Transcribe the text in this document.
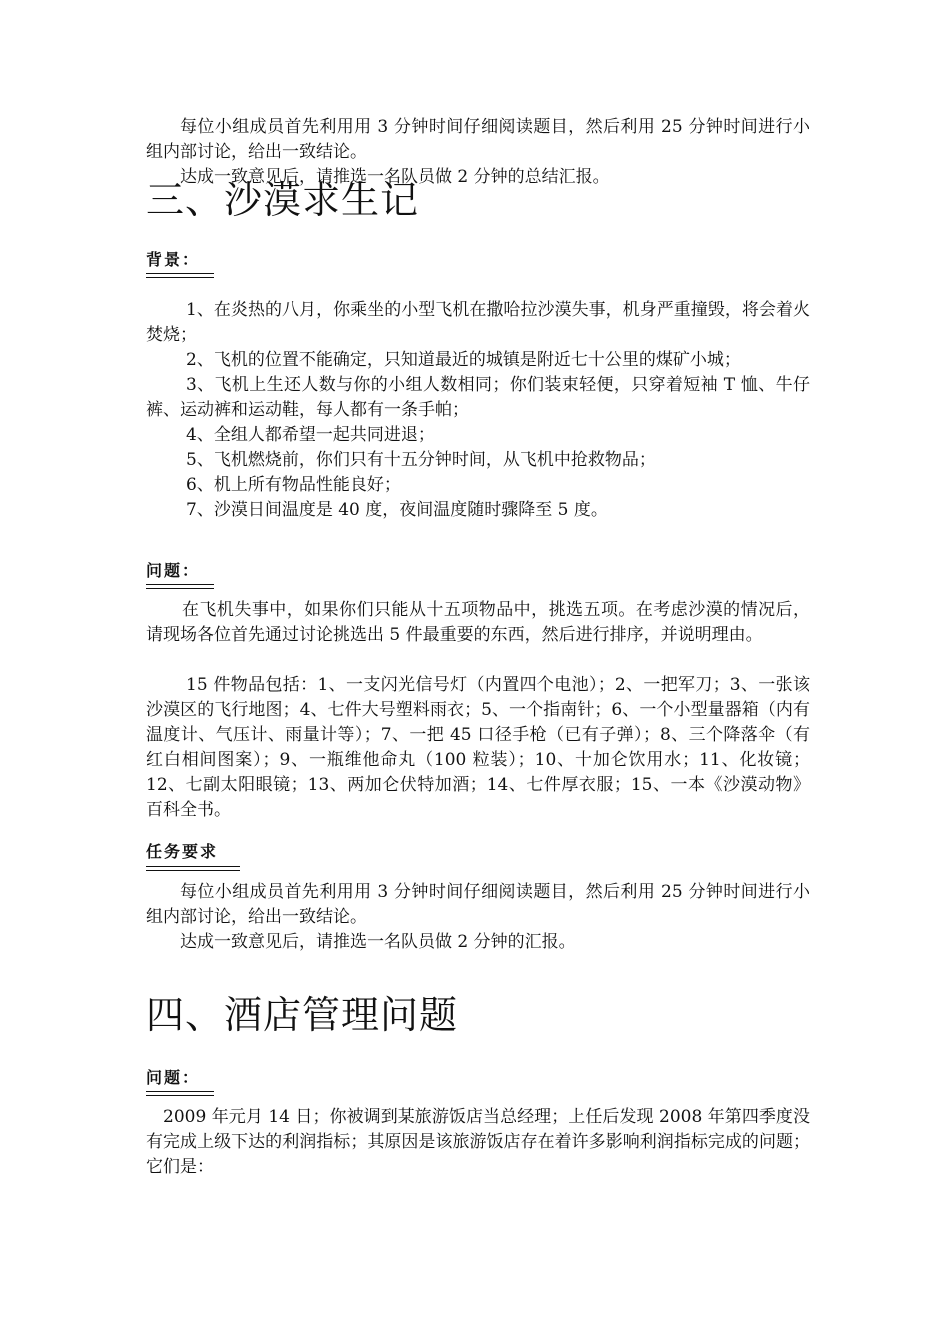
每位小组成员首先利用用 3 分钟时间仔细阅读题目，然后利用 25 分钟时间进行小组内部讨论，给出一致结论。

达成一致意见后，请推选一名队员做 2 分钟的总结汇报。

三、沙漠求生记
背景：

1、在炎热的八月，你乘坐的小型飞机在撒哈拉沙漠失事，机身严重撞毁，将会着火焚烧；

2、飞机的位置不能确定，只知道最近的城镇是附近七十公里的煤矿小城；

3、飞机上生还人数与你的小组人数相同；你们装束轻便，只穿着短袖 T 恤、牛仔裤、运动裤和运动鞋，每人都有一条手帕；

4、全组人都希望一起共同进退；

5、飞机燃烧前，你们只有十五分钟时间，从飞机中抢救物品；

6、机上所有物品性能良好；

7、沙漠日间温度是 40 度，夜间温度随时骤降至 5 度。

问题：

在飞机失事中，如果你们只能从十五项物品中，挑选五项。在考虑沙漠的情况后，请现场各位首先通过讨论挑选出 5 件最重要的东西，然后进行排序，并说明理由。

15 件物品包括：1、一支闪光信号灯（内置四个电池）；2、一把军刀；3、一张该沙漠区的飞行地图；4、七件大号塑料雨衣；5、一个指南针；6、一个小型量器箱（内有温度计、气压计、雨量计等）；7、一把 45 口径手枪（已有子弹）；8、三个降落伞（有红白相间图案）；9、一瓶维他命丸（100 粒装）；10、十加仑饮用水；11、化妆镜；12、七副太阳眼镜；13、两加仑伏特加酒；14、七件厚衣服；15、一本《沙漠动物》百科全书。

任务要求

每位小组成员首先利用用 3 分钟时间仔细阅读题目，然后利用 25 分钟时间进行小组内部讨论，给出一致结论。

达成一致意见后，请推选一名队员做 2 分钟的汇报。

四、酒店管理问题
问题：

2009 年元月 14 日；你被调到某旅游饭店当总经理；上任后发现 2008 年第四季度没有完成上级下达的利润指标；其原因是该旅游饭店存在着许多影响利润指标完成的问题；它们是：
